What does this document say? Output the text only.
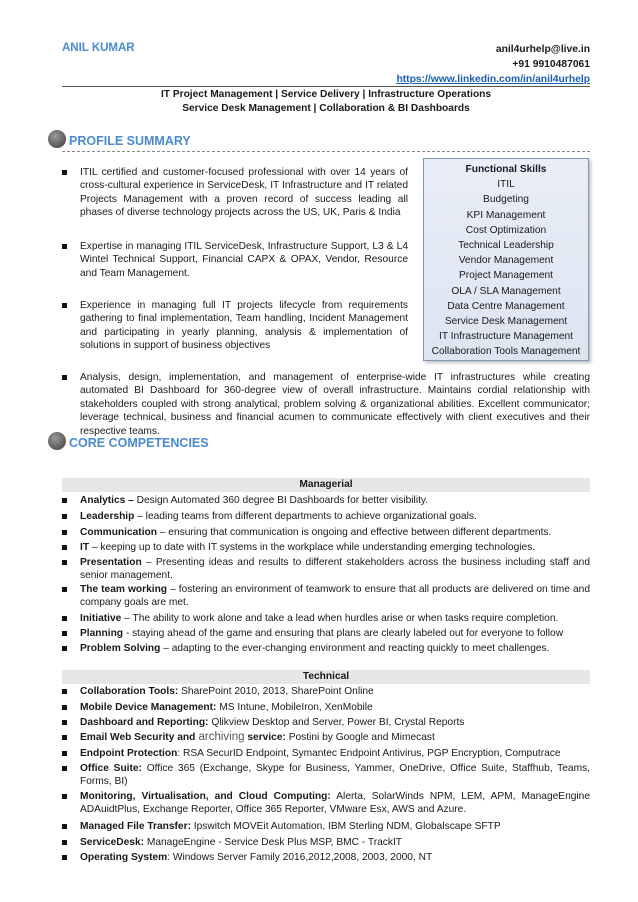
ANIL KUMAR	anil4urhelp@live.in
+91 9910487061
https://www.linkedin.com/in/anil4urhelp
IT Project Management | Service Delivery | Infrastructure Operations
Service Desk Management | Collaboration & BI Dashboards
PROFILE SUMMARY
ITIL certified and customer-focused professional with over 14 years of cross-cultural experience in ServiceDesk, IT Infrastructure and IT related Projects Management with a proven record of success leading all phases of diverse technology projects across the US, UK, Paris & India
Expertise in managing ITIL ServiceDesk, Infrastructure Support, L3 & L4 Wintel Technical Support, Financial CAPX & OPAX, Vendor, Resource and Team Management.
Experience in managing full IT projects lifecycle from requirements gathering to final implementation, Team handling, Incident Management and participating in yearly planning, analysis & implementation of solutions in support of business objectives
Functional Skills
ITIL
Budgeting
KPI Management
Cost Optimization
Technical Leadership
Vendor Management
Project Management
OLA / SLA Management
Data Centre Management
Service Desk Management
IT Infrastructure Management
Collaboration Tools Management
Analysis, design, implementation, and management of enterprise-wide IT infrastructures while creating automated BI Dashboard for 360-degree view of overall infrastructure. Maintains cordial relationship with stakeholders coupled with strong analytical, problem solving & organizational abilities. Excellent communicator; leverage technical, business and financial acumen to communicate effectively with client executives and their respective teams.
CORE COMPETENCIES
Managerial
Analytics – Design Automated 360 degree BI Dashboards for better visibility.
Leadership – leading teams from different departments to achieve organizational goals.
Communication – ensuring that communication is ongoing and effective between different departments.
IT – keeping up to date with IT systems in the workplace while understanding emerging technologies.
Presentation – Presenting ideas and results to different stakeholders across the business including staff and senior management.
The team working – fostering an environment of teamwork to ensure that all products are delivered on time and company goals are met.
Initiative – The ability to work alone and take a lead when hurdles arise or when tasks require completion.
Planning - staying ahead of the game and ensuring that plans are clearly labeled out for everyone to follow
Problem Solving – adapting to the ever-changing environment and reacting quickly to meet challenges.
Technical
Collaboration Tools: SharePoint 2010, 2013, SharePoint Online
Mobile Device Management: MS Intune, MobileIron, XenMobile
Dashboard and Reporting: Qlikview Desktop and Server, Power BI, Crystal Reports
Email Web Security and archiving service: Postini by Google and Mimecast
Endpoint Protection: RSA SecurID Endpoint, Symantec Endpoint Antivirus, PGP Encryption, Computrace
Office Suite: Office 365 (Exchange, Skype for Business, Yammer, OneDrive, Office Suite, Staffhub, Teams, Forms, BI)
Monitoring, Virtualisation, and Cloud Computing: Alerta, SolarWinds NPM, LEM, APM, ManageEngine ADAuidtPlus, Exchange Reporter, Office 365 Reporter, VMware Esx, AWS and Azure.
Managed File Transfer: Ipswitch MOVEit Automation, IBM Sterling NDM, Globalscape SFTP
ServiceDesk: ManageEngine - Service Desk Plus MSP, BMC - TrackIT
Operating System: Windows Server Family 2016,2012,2008, 2003, 2000, NT
